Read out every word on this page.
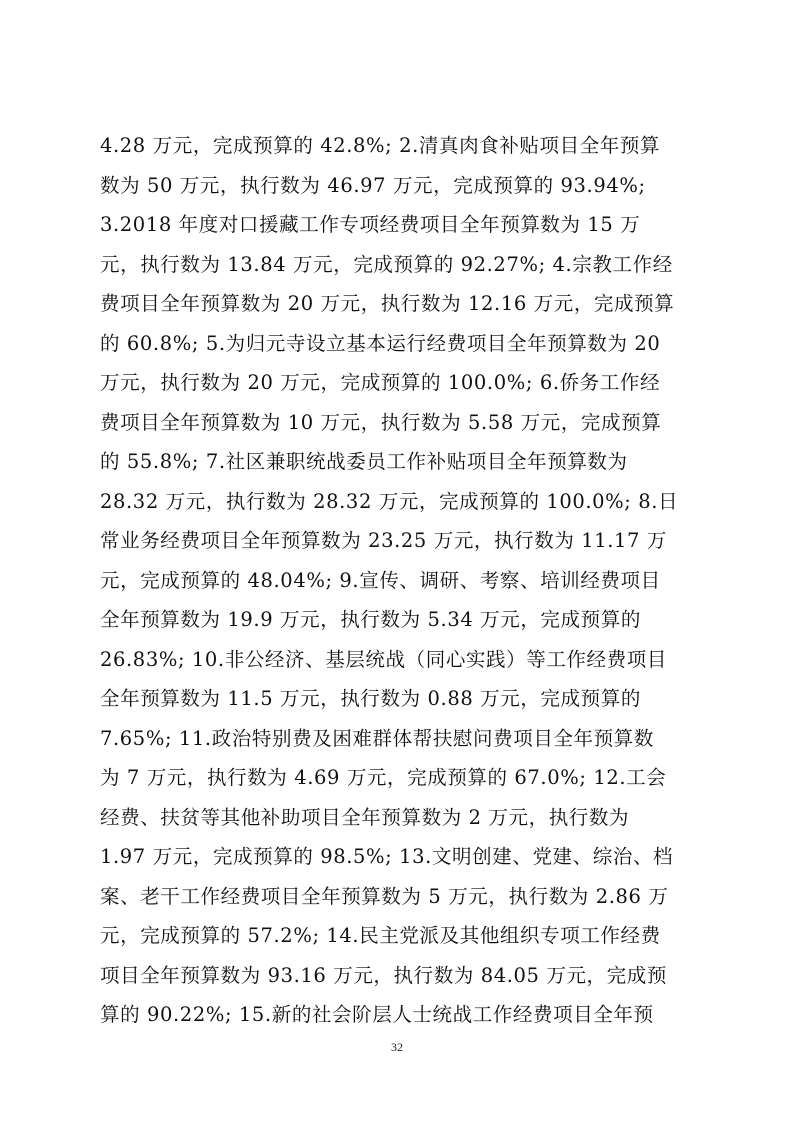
4.28 万元，完成预算的 42.8%; 2.清真肉食补贴项目全年预算
数为 50 万元，执行数为 46.97 万元，完成预算的 93.94%;
3.2018 年度对口援藏工作专项经费项目全年预算数为 15 万
元，执行数为 13.84 万元，完成预算的 92.27%; 4.宗教工作经
费项目全年预算数为 20 万元，执行数为 12.16 万元，完成预算
的 60.8%; 5.为归元寺设立基本运行经费项目全年预算数为 20
万元，执行数为 20 万元，完成预算的 100.0%; 6.侨务工作经
费项目全年预算数为 10 万元，执行数为 5.58 万元，完成预算
的 55.8%; 7.社区兼职统战委员工作补贴项目全年预算数为
28.32 万元，执行数为 28.32 万元，完成预算的 100.0%; 8.日
常业务经费项目全年预算数为 23.25 万元，执行数为 11.17 万
元，完成预算的 48.04%; 9.宣传、调研、考察、培训经费项目
全年预算数为 19.9 万元，执行数为 5.34 万元，完成预算的
26.83%; 10.非公经济、基层统战（同心实践）等工作经费项目
全年预算数为 11.5 万元，执行数为 0.88 万元，完成预算的
7.65%; 11.政治特别费及困难群体帮扶慰问费项目全年预算数
为 7 万元，执行数为 4.69 万元，完成预算的 67.0%; 12.工会
经费、扶贫等其他补助项目全年预算数为 2 万元，执行数为
1.97 万元，完成预算的 98.5%; 13.文明创建、党建、综治、档
案、老干工作经费项目全年预算数为 5 万元，执行数为 2.86 万
元，完成预算的 57.2%; 14.民主党派及其他组织专项工作经费
项目全年预算数为 93.16 万元，执行数为 84.05 万元，完成预
算的 90.22%; 15.新的社会阶层人士统战工作经费项目全年预
32
